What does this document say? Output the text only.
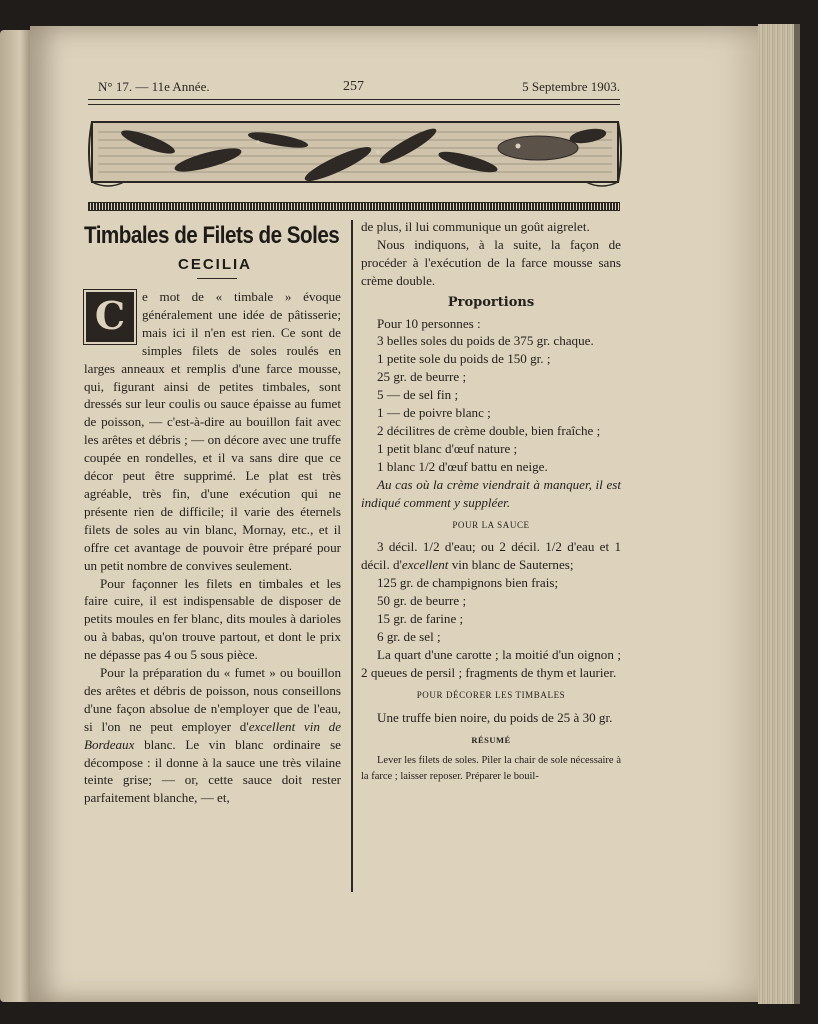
N° 17. — 11e Année.	257	5 Septembre 1903.
Timbales de Filets de Soles
CECILIA

C	e mot de « timbale » évoque généralement une idée de pâtisserie; mais ici il n'en est rien. Ce sont de simples filets de soles roulés en larges anneaux et remplis d'une farce mousse, qui, figurant ainsi de petites timbales, sont dressés sur leur coulis ou sauce épaisse au fumet de poisson, — c'est-à-dire au bouillon fait avec les arêtes et débris ; — on décore avec une truffe coupée en rondelles, et il va sans dire que ce décor peut être supprimé. Le plat est très agréable, très fin, d'une exécution qui ne présente rien de difficile; il varie des éternels filets de soles au vin blanc, Mornay, etc., et il offre cet avantage de pouvoir être préparé pour un petit nombre de convives seulement.

Pour façonner les filets en timbales et les faire cuire, il est indispensable de disposer de petits moules en fer blanc, dits moules à darioles ou à babas, qu'on trouve partout, et dont le prix ne dépasse pas 4 ou 5 sous pièce.

Pour la préparation du « fumet » ou bouillon des arêtes et débris de poisson, nous conseillons d'une façon absolue de n'employer que de l'eau, si l'on ne peut employer d'excellent vin de Bordeaux blanc. Le vin blanc ordinaire se décompose : il donne à la sauce une très vilaine teinte grise; — or, cette sauce doit rester parfaitement blanche, — et,

de plus, il lui communique un goût aigrelet.

Nous indiquons, à la suite, la façon de procéder à l'exécution de la farce mousse sans crème double.

Proportions

Pour 10 personnes :

3 belles soles du poids de 375 gr. chaque.

1 petite sole du poids de 150 gr. ;

25 gr. de beurre ;

5 — de sel fin ;

1 — de poivre blanc ;

2 décilitres de crème double, bien fraîche ;

1 petit blanc d'œuf nature ;

1 blanc 1/2 d'œuf battu en neige.

Au cas où la crème viendrait à manquer, il est indiqué comment y suppléer.

POUR LA SAUCE

3 décil. 1/2 d'eau; ou 2 décil. 1/2 d'eau et 1 décil. d'excellent vin blanc de Sauternes;

125 gr. de champignons bien frais;

50 gr. de beurre ;

15 gr. de farine ;

6 gr. de sel ;

La quart d'une carotte ; la moitié d'un oignon ; 2 queues de persil ; fragments de thym et laurier.

POUR DÉCORER LES TIMBALES

Une truffe bien noire, du poids de 25 à 30 gr.

RÉSUMÉ

Lever les filets de soles. Piler la chair de sole nécessaire à la farce ; laisser reposer. Préparer le bouil-
